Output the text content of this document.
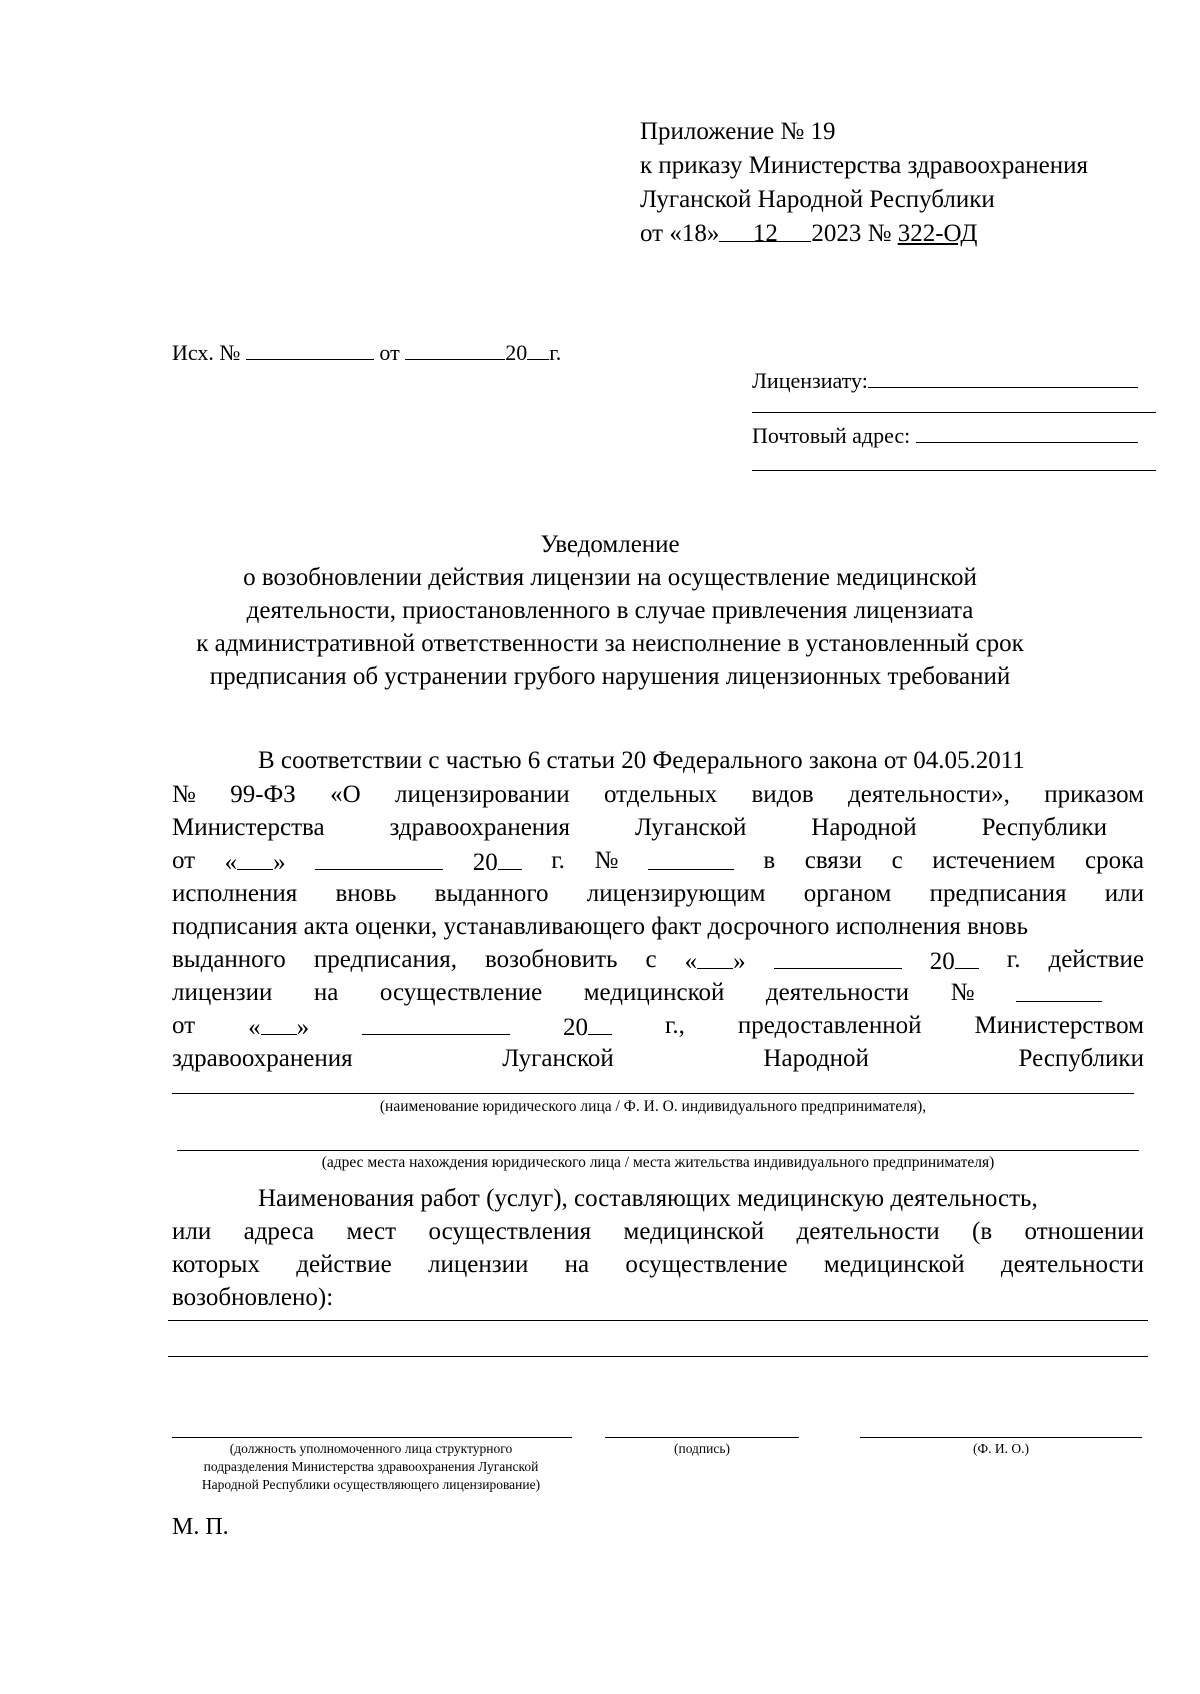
Приложение № 19
к приказу Министерства здравоохранения
Луганской Народной Республики
от «18» 12 2023 № 322-ОД
Исх. №	от	20 г.
Лицензиату:
Почтовый адрес:
Уведомление
о возобновлении действия лицензии на осуществление медицинской
деятельности, приостановленного в случае привлечения лицензиата
к административной ответственности за неисполнение в установленный срок
предписания об устранении грубого нарушения лицензионных требований
В соответствии с частью 6 статьи 20 Федерального закона от 04.05.2011
№ 99-ФЗ «О лицензировании отдельных видов деятельности», приказом
Министерства	здравоохранения	Луганской	Народной	Республики
от « »	20	г. №	в связи с истечением срока
исполнения вновь выданного лицензирующим органом предписания или
подписания акта оценки, устанавливающего факт досрочного исполнения вновь
выданного предписания, возобновить с « »	20	г. действие
лицензии на осуществление медицинской деятельности №
от « »	20	г., предоставленной Министерством
здравоохранения	Луганской	Народной	Республики
(наименование юридического лица / Ф. И. О. индивидуального предпринимателя),
(адрес места нахождения юридического лица / места жительства индивидуального предпринимателя)
Наименования работ (услуг), составляющих медицинскую деятельность,
или адреса мест осуществления медицинской деятельности (в отношении
которых действие лицензии на осуществление медицинской деятельности
возобновлено):
(должность уполномоченного лица структурного подразделения Министерства здравоохранения Луганской Народной Республики осуществляющего лицензирование)
(подпись)	(Ф. И. О.)
М. П.
